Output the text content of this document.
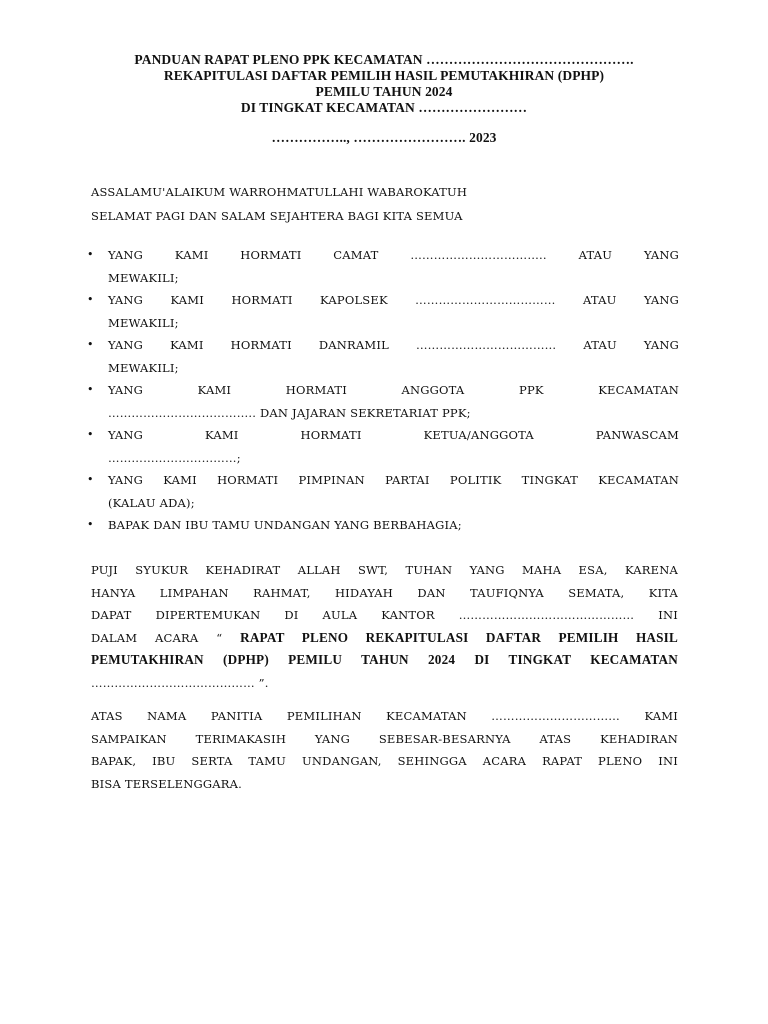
PANDUAN RAPAT PLENO PPK KECAMATAN ……………………………………….
REKAPITULASI DAFTAR PEMILIH HASIL PEMUTAKHIRAN (DPHP)
PEMILU TAHUN 2024
DI TINGKAT KECAMATAN ……………………
…………….., ……………………. 2023
ASSALAMU'ALAIKUM WARROHMATULLAHI WABAROKATUH
SELAMAT PAGI DAN SALAM SEJAHTERA BAGI KITA SEMUA
• YANG KAMI HORMATI CAMAT …………………………….. ATAU YANG
MEWAKILI;
• YANG KAMI HORMATI KAPOLSEK ……………………………… ATAU YANG
MEWAKILI;
• YANG KAMI HORMATI DANRAMIL ……………………………… ATAU YANG
MEWAKILI;
• YANG KAMI HORMATI ANGGOTA PPK KECAMATAN
……………………………….. DAN JAJARAN SEKRETARIAT PPK;
• YANG KAMI HORMATI KETUA/ANGGOTA PANWASCAM
……………………………;
• YANG KAMI HORMATI PIMPINAN PARTAI POLITIK TINGKAT KECAMATAN
(KALAU ADA);
• BAPAK DAN IBU TAMU UNDANGAN YANG BERBAHAGIA;
PUJI SYUKUR KEHADIRAT ALLAH SWT, TUHAN YANG MAHA ESA, KARENA
HANYA LIMPAHAN RAHMAT, HIDAYAH DAN TAUFIQNYA SEMATA, KITA
DAPAT DIPERTEMUKAN DI AULA KANTOR ……………………………………… INI
DALAM ACARA “ RAPAT PLENO REKAPITULASI DAFTAR PEMILIH HASIL
PEMUTAKHIRAN (DPHP) PEMILU TAHUN 2024 DI TINGKAT KECAMATAN
…………………………………… ”.
ATAS NAMA PANITIA PEMILIHAN KECAMATAN …………………………… KAMI
SAMPAIKAN TERIMAKASIH YANG SEBESAR-BESARNYA ATAS KEHADIRAN
BAPAK, IBU SERTA TAMU UNDANGAN, SEHINGGA ACARA RAPAT PLENO INI
BISA TERSELENGGARA.
